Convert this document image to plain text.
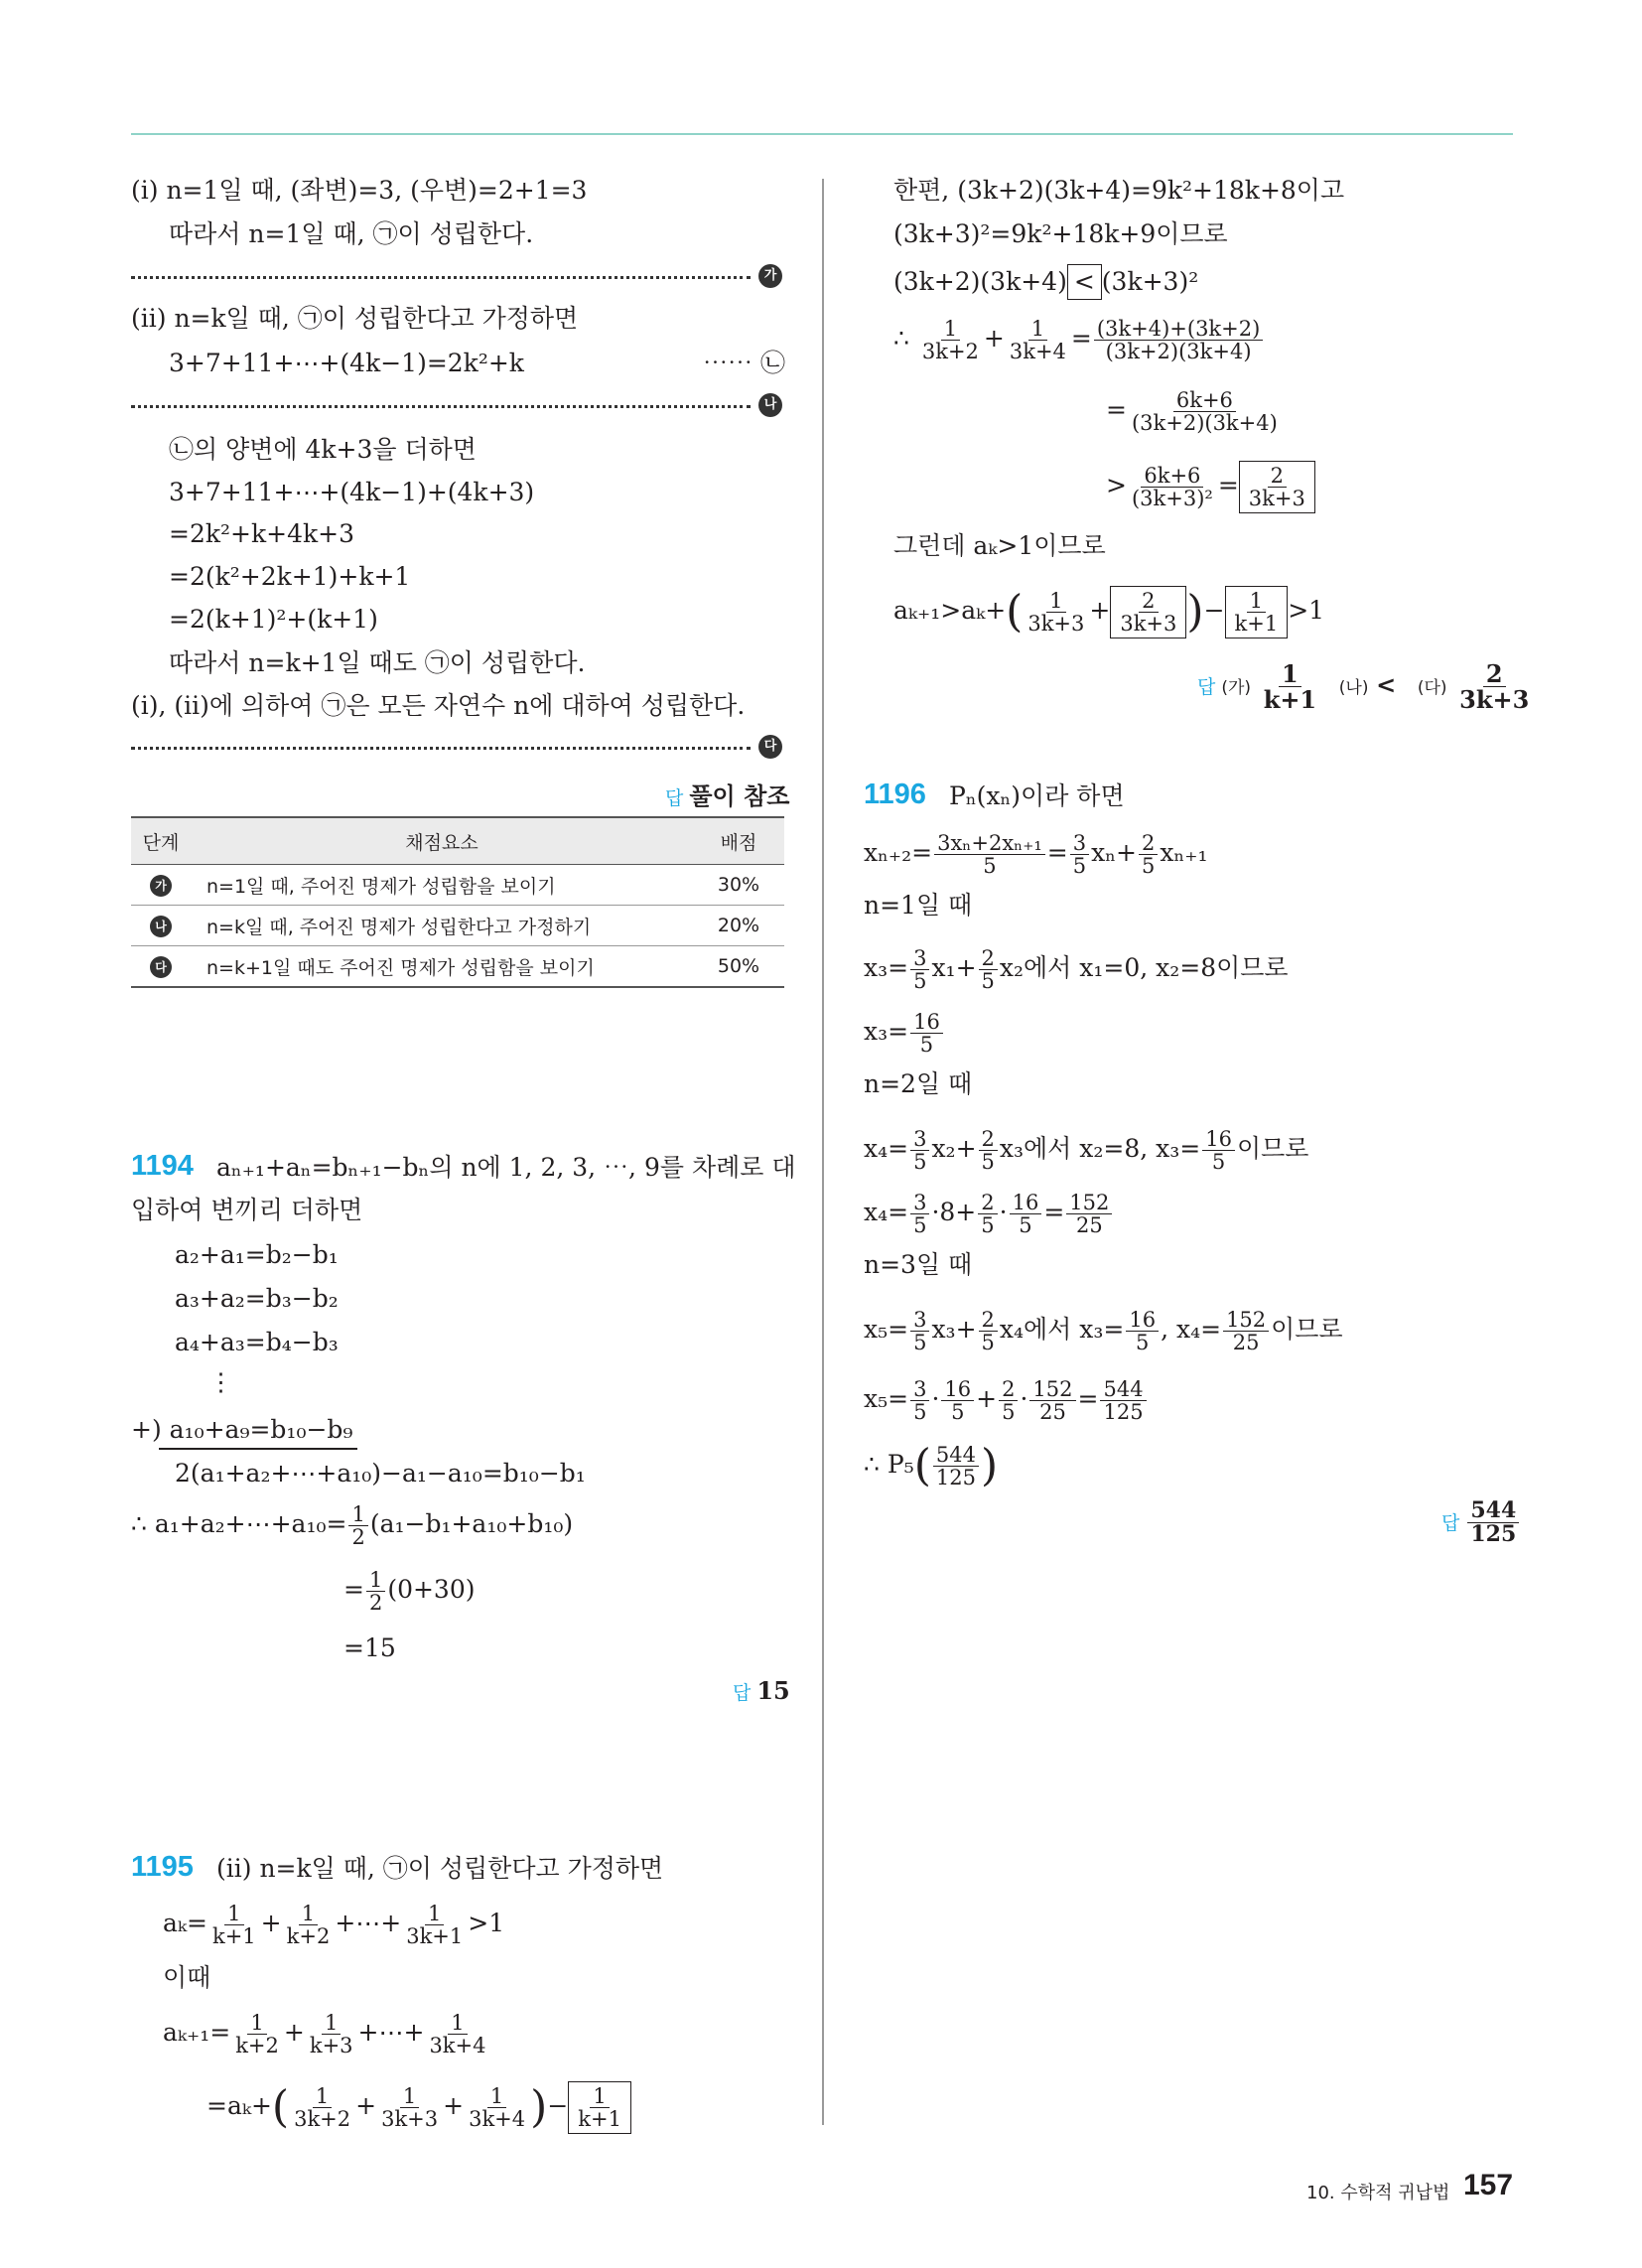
(ⅰ) n=1일 때, (좌변)=3, (우변)=2+1=3
따라서 n=1일 때, ㉠이 성립한다.
가
(ⅱ) n=k일 때, ㉠이 성립한다고 가정하면
3+7+11+⋯+(4k−1)=2k²+k	⋯⋯ ㉡
나
㉡의 양변에 4k+3을 더하면
3+7+11+⋯+(4k−1)+(4k+3)
=2k²+k+4k+3
=2(k²+2k+1)+k+1
=2(k+1)²+(k+1)
따라서 n=k+1일 때도 ㉠이 성립한다.
(ⅰ), (ⅱ)에 의하여 ㉠은 모든 자연수 n에 대하여 성립한다.
다
답 풀이 참조
단계	채점요소	배점
가	n=1일 때, 주어진 명제가 성립함을 보이기	30%
나	n=k일 때, 주어진 명제가 성립한다고 가정하기	20%
다	n=k+1일 때도 주어진 명제가 성립함을 보이기	50%
1194 aₙ₊₁+aₙ=bₙ₊₁−bₙ의 n에 1, 2, 3, ⋯, 9를 차례로 대
입하여 변끼리 더하면
a₂+a₁=b₂−b₁
a₃+a₂=b₃−b₂
a₄+a₃=b₄−b₃
⋮
+) a₁₀+a₉=b₁₀−b₉
2(a₁+a₂+⋯+a₁₀)−a₁−a₁₀=b₁₀−b₁
∴ a₁+a₂+⋯+a₁₀= $\frac{1}{2} (a_1-b_1+a_{10}+b_{10})$
= $\frac{1}{2} (0+30)$
=15
답 15
1195 (ⅱ) n=k일 때, ㉠이 성립한다고 가정하면
$a_k= \frac{1}{k+1} + \frac{1}{k+2}$ +⋯+ $\frac{1}{3k+1} >1$
이때
$a_{k+1}= \frac{1}{k+2} + \frac{1}{k+3}$ +⋯+ $\frac{1}{3k+4}$
$=a_k+( \frac{1}{3k+2} + \frac{1}{3k+3} + \frac{1}{3k+4}$ )− 1
k+1
한편, (3k+2)(3k+4)=9k²+18k+8이고
(3k+3)²=9k²+18k+9이므로
(3k+2)(3k+4) < (3k+3)²
∴ $\frac{1}{3k+2} + \frac{1}{3k+4} = \frac{(3k+4)+(3k+2)}{(3k+2)(3k+4)}$
= $\frac{6k+6}{(3k+2)(3k+4)}$
> $\frac{6k+6}{\text{(3k+3)²}} = 2$
3k+3
그런데 aₖ>1이므로
$a_{k+1}>a_k+( \frac{1}{3k+3} + 2$
3k+3 )− 1
k+1 >1
답 (가) $\frac{1}{k+1}$ (나) < (다) $\frac{2}{3k+3}$
1196 Pₙ(xₙ)이라 하면
$x_{n+2}= \frac{\text{3xₙ+2xₙ₊₁}}{5} = \frac{3}{5} x_n+ \frac{2}{5} x_{n+1}$
n=1일 때
$x_3= \frac{3}{5} x_1+ \frac{2}{5} x_2$에서 x₁=0, x₂=8이므로
$x_3= \frac{16}{5}$
n=2일 때
$x_4= \frac{3}{5} x_2+ \frac{2}{5} x_3$에서 x₂=8, $x_3= \frac{16}{5}$ 이므로
$x_4= \frac{3}{5} \cdot 8+ \frac{2}{5} \cdot \frac{16}{5} = \frac{152}{25}$
n=3일 때
$x_5= \frac{3}{5} x_3+ \frac{2}{5} x_4$에서 $x_3= \frac{16}{5}$ , $x_4= \frac{152}{25}$ 이므로
$x_5= \frac{3}{5} \cdot \frac{16}{5} + \frac{2}{5} \cdot \frac{152}{25} = \frac{544}{125}$
∴ $P_5( \frac{544}{125}$ )
답 $\frac{544}{125}$
10. 수학적 귀납법 157
